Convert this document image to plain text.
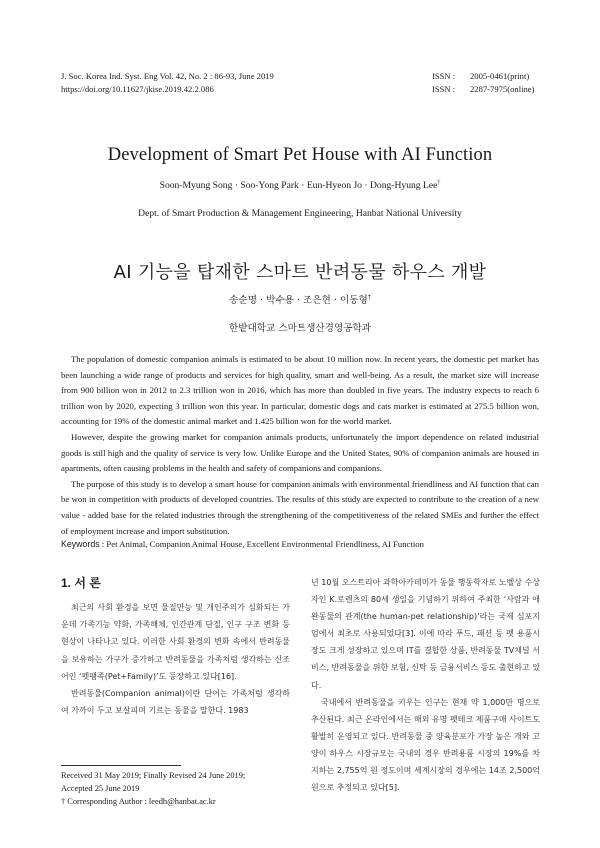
J. Soc. Korea Ind. Syst. Eng Vol. 42, No. 2 : 86-93, June 2019
https://doi.org/10.11627/jkise.2019.42.2.086
ISSN :	2005-0461(print)
ISSN :	2287-7975(online)
Development of Smart Pet House with AI Function
Soon-Myung Song · Soo-Yong Park · Eun-Hyeon Jo · Dong-Hyung Lee†
Dept. of Smart Production & Management Engineering, Hanbat National University
AI 기능을 탑재한 스마트 반려동물 하우스 개발
송순명 · 박수용 · 조은현 · 이동형†
한밭대학교 스마트생산경영공학과

The population of domestic companion animals is estimated to be about 10 million now. In recent years, the domestic pet market has been launching a wide range of products and services for high quality, smart and well-being. As a result, the market size will increase from 900 billion won in 2012 to 2.3 trillion won in 2016, which has more than doubled in five years. The industry expects to reach 6 trillion won by 2020, expecting 3 trillion won this year. In particular, domestic dogs and cats market is estimated at 275.5 billion won, accounting for 19% of the domestic animal market and 1.425 billion won for the world market.

However, despite the growing market for companion animals products, unfortunately the import dependence on related industrial goods is still high and the quality of service is very low. Unlike Europe and the United States, 90% of companion animals are housed in apartments, often causing problems in the health and safety of companions and companions.

The purpose of this study is to develop a smart house for companion animals with environmental friendliness and AI function that can be won in competition with products of developed countries. The results of this study are expected to contribute to the creation of a new value - added base for the related industries through the strengthening of the competitiveness of the related SMEs and further the effect of employment increase and import substitution.

Keywords : Pet Animal, Companion Animal House, Excellent Environmental Friendliness, AI Function
1. 서 론

최근의 사회 환경을 보면 물질만능 및 개인주의가 심화되는 가운데 가족기능 약화, 가족해체, 인간관계 단절, 인구 구조 변화 등 현상이 나타나고 있다. 이러한 사회 환경의 변화 속에서 반려동물을 보유하는 가구가 증가하고 반려동물을 가족처럼 생각하는 신조어인 ‘펫팸족(Pet+Family)’도 등장하고 있다[16].

반려동물(Companion animal)이란 단어는 가족처럼 생각하여 가까이 두고 보살피며 기르는 동물을 말한다. 1983

년 10월 오스트리아 과학아카데미가 동물 행동학자로 노벨상 수상자인 K.로렌츠의 80세 생일을 기념하기 위하여 주최한 ‘사람과 애완동물의 관계(the human-pet relationship)’라는 국제 심포지엄에서 최초로 사용되었다[3]. 이에 따라 푸드, 패션 등 펫 용품시장도 크게 성장하고 있으며 IT를 결합한 상품, 반려동물 TV채널 서비스, 반려동물을 위한 보험, 신탁 등 금융서비스 등도 출현하고 있다.

국내에서 반려동물을 키우는 인구는 현재 약 1,000만 명으로 추산된다. 최근 온라인에서는 해외 유명 펫테크 제품구매 사이트도 활발히 운영되고 있다. 반려동물 중 양육분포가 가장 높은 개와 고양이 하우스 시장규모는 국내의 경우 반려용품 시장의 19%를 차지하는 2,755억 원 정도이며 세계시장의 경우에는 14조 2,500억 원으로 추정되고 있다[5].

Received 31 May 2019; Finally Revised 24 June 2019;
Accepted 25 June 2019
† Corresponding Author : leedh@hanbat.ac.kr
